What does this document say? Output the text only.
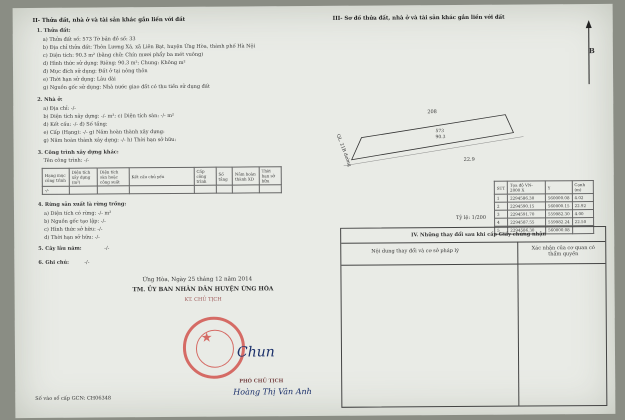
II- Thửa đất, nhà ở và tài sản khác gắn liền với đất
1. Thửa đất:
a) Thửa đất số: 573 Tờ bản đồ số: 33
b) Địa chỉ thửa đất: Thôn Lương Xá, xã Liên Bạt, huyện Ứng Hòa, thành phố Hà Nội
c) Diện tích: 90.3 m² (bằng chữ: Chín mươi phẩy ba mét vuông)
d) Hình thức sử dụng: Riêng: 90.3 m²; Chung: Không m²
đ) Mục đích sử dụng: Đất ở tại nông thôn
e) Thời hạn sử dụng: Lâu dài
g) Nguồn gốc sử dụng: Nhà nước giao đất có thu tiền sử dụng đất
2. Nhà ở:
a) Địa chỉ: -/-
b) Diện tích xây dựng: -/- m²; c) Diện tích sàn: -/- m²
d) Kết cấu: -/- đ) Số tầng:
e) Cấp (Hạng): -/- g) Năm hoàn thành xây dựng:
g) Năm hoàn thành xây dựng: -/- h) Thời hạn sở hữu:
3. Công trình xây dựng khác:
Tên công trình: -/-
Hạng mục công trình	Diện tích xây dựng (m²)	Diện tích sàn hoặc công suất	Kết cấu chủ yếu	Cấp công trình	Số tầng	Năm hoàn thành XD	Thời hạn sở hữu
-/-							
4. Rừng sản xuất là rừng trồng:
a) Diện tích có rừng: -/- m²
b) Nguồn gốc tạo lập: -/-
c) Hình thức sở hữu: -/-
d) Thời hạn sở hữu: -/-
5. Cây lâu năm:	-/-
6. Ghi chú:	-/-
Ứng Hòa, Ngày 25 tháng 12 năm 2014
TM. ỦY BAN NHÂN DÂN HUYỆN ỨNG HÒA
KT. CHỦ TỊCH
★
Chun
PHÓ CHỦ TỊCH
Hoàng Thị Vân Anh
Số vào sổ cấp GCN: CH06348
III- Sơ đồ thửa đất, nhà ở và tài sản khác gắn liền với đất
B
208
573
90.3
22.9
QL. 21B đường
STT	Tọa độ VN-2000 X	Y	Cạnh (m)
1	2294586.30	560000.08	4.02
2	2294590.15	560000.15	22.92
3	2294591.70	559982.30	4.00
4	2294587.55	559982.24	22.50
5	2294586.30	560000.08	
Tỷ lệ: 1/200
IV. Những thay đổi sau khi cấp Giấy chứng nhận
Nội dung thay đổi và cơ sở pháp lý	Xác nhận của cơ quan có thẩm quyền
